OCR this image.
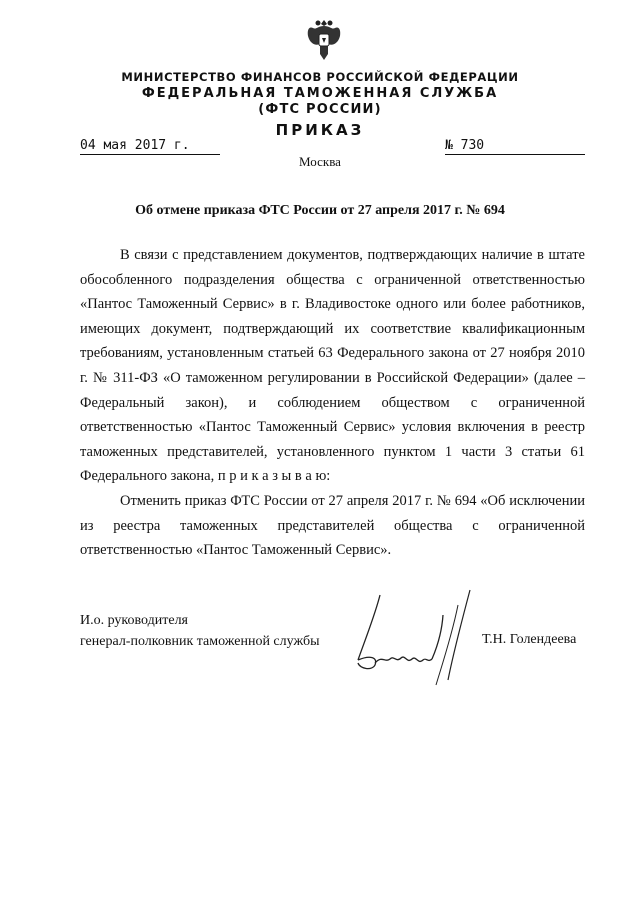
МИНИСТЕРСТВО ФИНАНСОВ РОССИЙСКОЙ ФЕДЕРАЦИИ
ФЕДЕРАЛЬНАЯ ТАМОЖЕННАЯ СЛУЖБА
(ФТС РОССИИ)
ПРИКАЗ
04 мая 2017 г.	№ 730
Москва
Об отмене приказа ФТС России от 27 апреля 2017 г. № 694

В связи с представлением документов, подтверждающих наличие в штате обособленного подразделения общества с ограниченной ответственностью «Пантос Таможенный Сервис» в г. Владивостоке одного или более работников, имеющих документ, подтверждающий их соответствие квалификационным требованиям, установленным статьей 63 Федерального закона от 27 ноября 2010 г. № 311-ФЗ «О таможенном регулировании в Российской Федерации» (далее – Федеральный закон), и соблюдением обществом с ограниченной ответственностью «Пантос Таможенный Сервис» условия включения в реестр таможенных представителей, установленного пунктом 1 части 3 статьи 61 Федерального закона, п р и к а з ы в а ю:

Отменить приказ ФТС России от 27 апреля 2017 г. № 694 «Об исключении из реестра таможенных представителей общества с ограниченной ответственностью «Пантос Таможенный Сервис».

И.о. руководителя
генерал-полковник таможенной службы	Т.Н. Голендеева
